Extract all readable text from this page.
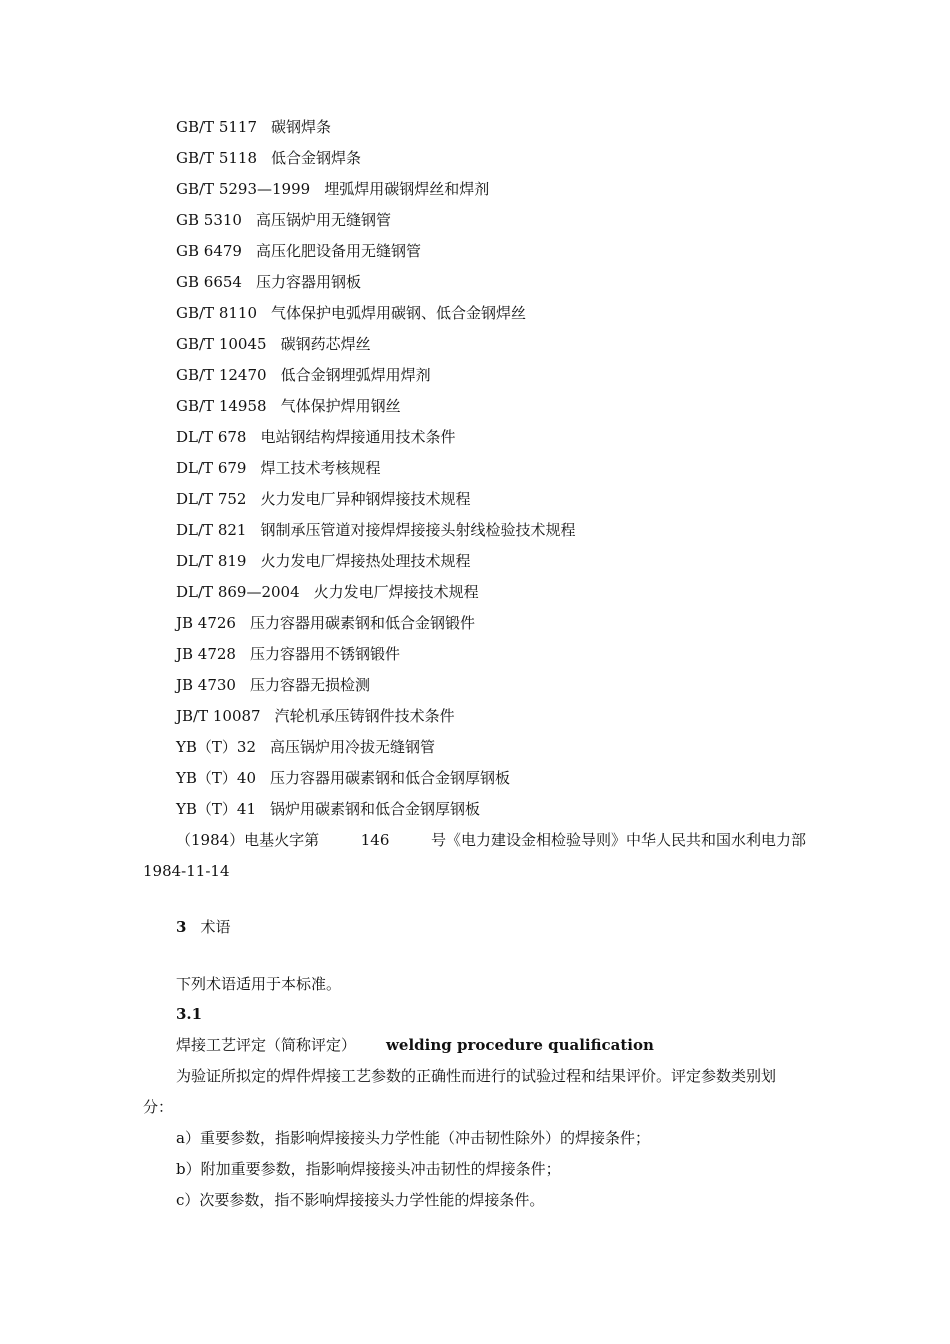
GB/T 5117 碳钢焊条
GB/T 5118 低合金钢焊条
GB/T 5293—1999 埋弧焊用碳钢焊丝和焊剂
GB 5310 高压锅炉用无缝钢管
GB 6479 高压化肥设备用无缝钢管
GB 6654 压力容器用钢板
GB/T 8110 气体保护电弧焊用碳钢、低合金钢焊丝
GB/T 10045 碳钢药芯焊丝
GB/T 12470 低合金钢埋弧焊用焊剂
GB/T 14958 气体保护焊用钢丝
DL/T 678 电站钢结构焊接通用技术条件
DL/T 679 焊工技术考核规程
DL/T 752 火力发电厂异种钢焊接技术规程
DL/T 821 钢制承压管道对接焊焊接接头射线检验技术规程
DL/T 819 火力发电厂焊接热处理技术规程
DL/T 869—2004 火力发电厂焊接技术规程
JB 4726 压力容器用碳素钢和低合金钢锻件
JB 4728 压力容器用不锈钢锻件
JB 4730 压力容器无损检测
JB/T 10087 汽轮机承压铸钢件技术条件
YB（T）32 高压锅炉用冷拔无缝钢管
YB（T）40 压力容器用碳素钢和低合金钢厚钢板
YB（T）41 锅炉用碳素钢和低合金钢厚钢板
（1984）电基火字第	146	号《电力建设金相检验导则》中华人民共和国水利电力部
1984-11-14
3 术语
下列术语适用于本标准。
3.1
焊接工艺评定（简称评定） welding procedure qualification
为验证所拟定的焊件焊接工艺参数的正确性而进行的试验过程和结果评价。评定参数类别划
分：
a）重要参数，指影响焊接接头力学性能（冲击韧性除外）的焊接条件；
b）附加重要参数，指影响焊接接头冲击韧性的焊接条件；
c）次要参数，指不影响焊接接头力学性能的焊接条件。
